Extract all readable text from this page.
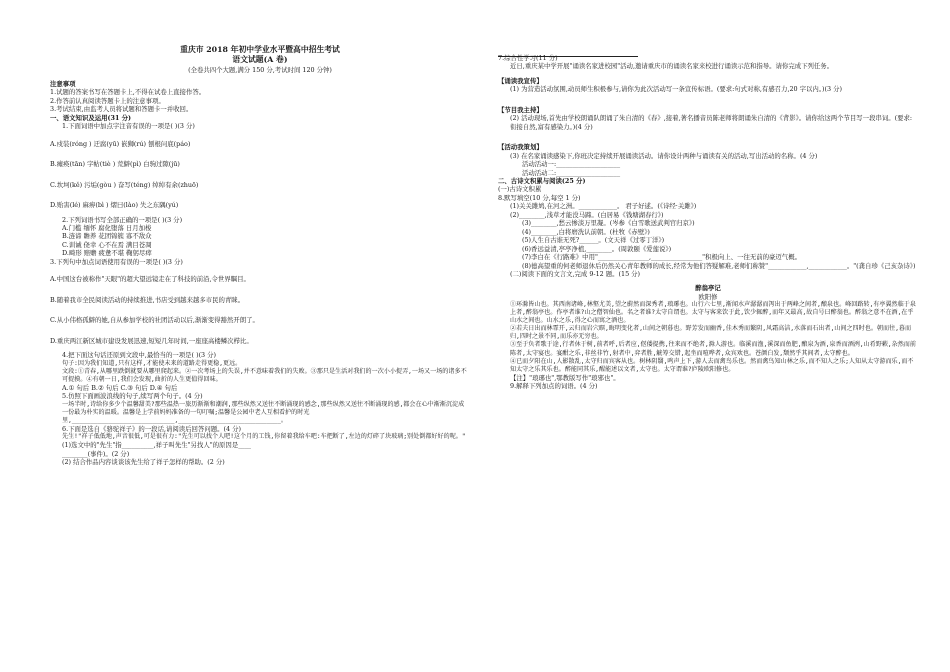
重庆市 2018 年初中学业水平暨高中招生考试

语文试题(A 卷)

(全卷共四个大题,满分 150 分,考试时间 120 分钟)

注意事项

1.试题的答案书写在答题卡上,不得在试卷上直接作答。

2.作答前认真阅读答题卡上的注意事项。

3.考试结束,由监考人员将试题和答题卡一并收回。

一、语文知识及运用(31 分)

1.下面词语中加点字注音有误的一项是( )(3 分)

A.戍装(róng ) 迂腐(yū) 嵌狮(rú) 刨根问底(páo)

B.瘫痪(tān) 字帖(tiè ) 荒僻(pì) 白驹过隙(jū)

C.坎坷(kě) 污垢(gòu ) 奋写(téng) 绰绰有余(zhuō)

D.贻害(lé) 麻痹(bì ) 熠曰(lào) 失之东隅(yú)

2.下列词语书写全部正确的一项是( )(3 分)

A.门槛 缅怀 腐化堕落 日月加梭

B.涟谛 瞻养 花团锦簇 寡不敌众

C.训诫 侥幸 心不在焉 满目苍凋

D.畸形 赔赡 疲惫不堪 鞠躬尽瘁

3.下列句中加点词语使用有误的一项是( )(3 分)

A.中国这台被称作"天眼"的超大望远镜走在了科技的前沿,令世界瞩目。

B.随着我市全民阅读活动的持续推进,书店受到越来越多市民的青睐。

C.从小伟格孤僻的她,自从参加学校的社团活动以后,渐渐变得豁然开朗了。

D.重庆两江新区城市建设发展迅速,短短几年时间,一座座高楼鳞次栉比。

4.把下面这句话还原到文段中,最恰当的一项是( )(3 分)

句子:因为我们知道,只有这样,才能使未来的道路走得更稳,更远。

文段:①青春,从哪里跌倒就要从哪里爬起来。②一次考场上的失误,并不意味着我们的失败。③那只是生活对我们的一次小小捉弄,一场又一场的诸多不可捉摸。④有朝一日,我们会发现,曲折的人生更值得回味。

A.① 句后 B.② 句后 C.③ 句后 D.④ 句后

5.仿照下面画波浪线的句子,续写两个句子。(4 分)

一场半时,诗给你多少个温馨甜美?那些温热一旅历渐渐和潮润,那些纵然又送往不断涌现的感念,那些纵然又送往不断涌现的感,都会在心中渐渐沉淀成一份最为朴实的温暖。温馨是上学前妈妈准备的一句叮嘱;温馨是公园中老人互相看护的时光里,____________________________,____________________________。

6.下面是选自《骆驼祥子》的一段话,请阅读后回答问题。(4 分)

先生!"祥子低低地,声音很低,可是很有力:"先生可以找个人吧!这个月的工钱,你留着我给车吧:车把断了,左边的灯碎了块玻璃;别处倒都好好的呢。"

(1)选文中的"先生"指__________,祥子叫先生"另找人"的原因是____

________(事件)。(2 分)

(2) 结合作品内容谈谈该先生给了祥子怎样的帮助。(2 分)

7.综合性学习(11 分)

近日,重庆某中学开展"诵读名家进校园"活动,邀请重庆市的诵读名家来校进行诵读示范和指导。请你完成下列任务。

【诵读我宣传】

(1) 为营造活动氛围,动员师生积极参与,请你为此次活动写一条宣传标语。(要求:句式对称,有感召力,20 字以内。)(3 分)

【节目我主持】

(2) 活动现场,首先由学校朗诵队朗诵了朱自清的《春》,接着,著名播音员陈老师将朗诵朱自清的《背影》。请你给这两个节目写一段串词。(要求:衔接自然,富有感染力。)(4 分)

【活动我策划】

(3) 在名家诵读感染下,你班决定持续开展诵读活动。请你设计两种与诵读有关的活动,写出活动的名称。(4 分)

活动活动一:____________________

活动活动二:____________________

二、古诗文积累与阅读(25 分)

(一)古诗文积累

8.默写填空(10 分,每空 1 分)

(1)关关雎鸠,在河之洲。____________。 君子好逑。(《诗经·关雎》)

(2)________,浅草才能没马蹄。(白居易《钱塘湖春行》)

(3)________,愁云惨淡万里凝。(岑参《白雪歌送武判官归京》)

(4)________,白将磨洗认前朝。(杜牧《赤壁》)

(5)人生自古谁无死?______。(文天祥《过零丁洋》)

(6)香远益清,亭亭净植,________。(周敦颐《爱莲说》)

(7)李白在《行路难》中用"________________,________________"积极向上、一往无前的豪迈气概。

(8)德高望重的何老师退休后仍然关心青年教师的成长,经常为他们答疑解难,老师们称赞"____________,____________。"(龚自珍《己亥杂诗》)

(二)阅读下面的文言文,完成 9-12 题。(15 分)

醉翁亭记

欧阳修

①环滁皆山也。其西南诸峰,林壑尤美,望之蔚然而深秀者,琅琊也。山行六七里,渐闻水声潺潺而泻出于两峰之间者,酿泉也。峰回路转,有亭翼然临于泉上者,醉翁亭也。作亭者谁?山之僧智仙也。名之者谁?太守自谓也。太守与客来饮于此,饮少辄醉,而年又最高,故自号曰醉翁也。醉翁之意不在酒,在乎山水之间也。山水之乐,得之心而寓之酒也。

②若夫日出而林霏开,云归而岩穴暝,晦明变化者,山间之朝暮也。野芳发而幽香,佳木秀而繁阴,风霜高洁,水落而石出者,山间之四时也。朝而往,暮而归,四时之景不同,而乐亦无穷也。

③至于负者歌于途,行者休于树,前者呼,后者应,伛偻提携,往来而不绝者,滁人游也。临溪而渔,溪深而鱼肥,酿泉为酒,泉香而酒洌,山肴野蔌,杂然而前陈者,太守宴也。宴酣之乐,非丝非竹,射者中,弈者胜,觥筹交错,起坐而喧哗者,众宾欢也。苍颜白发,颓然乎其间者,太守醉也。

④已而夕阳在山,人影散乱,太守归而宾客从也。树林阴翳,鸣声上下,游人去而禽鸟乐也。然而禽鸟知山林之乐,而不知人之乐;人知从太守游而乐,而不知太守之乐其乐也。醉能同其乐,醒能述以文者,太守也。太守谓谁?庐陵欧阳修也。

【注】"琅琊也",鄂教版写作"琅邪也"。

9.解释下列加点的词语。(4 分)
